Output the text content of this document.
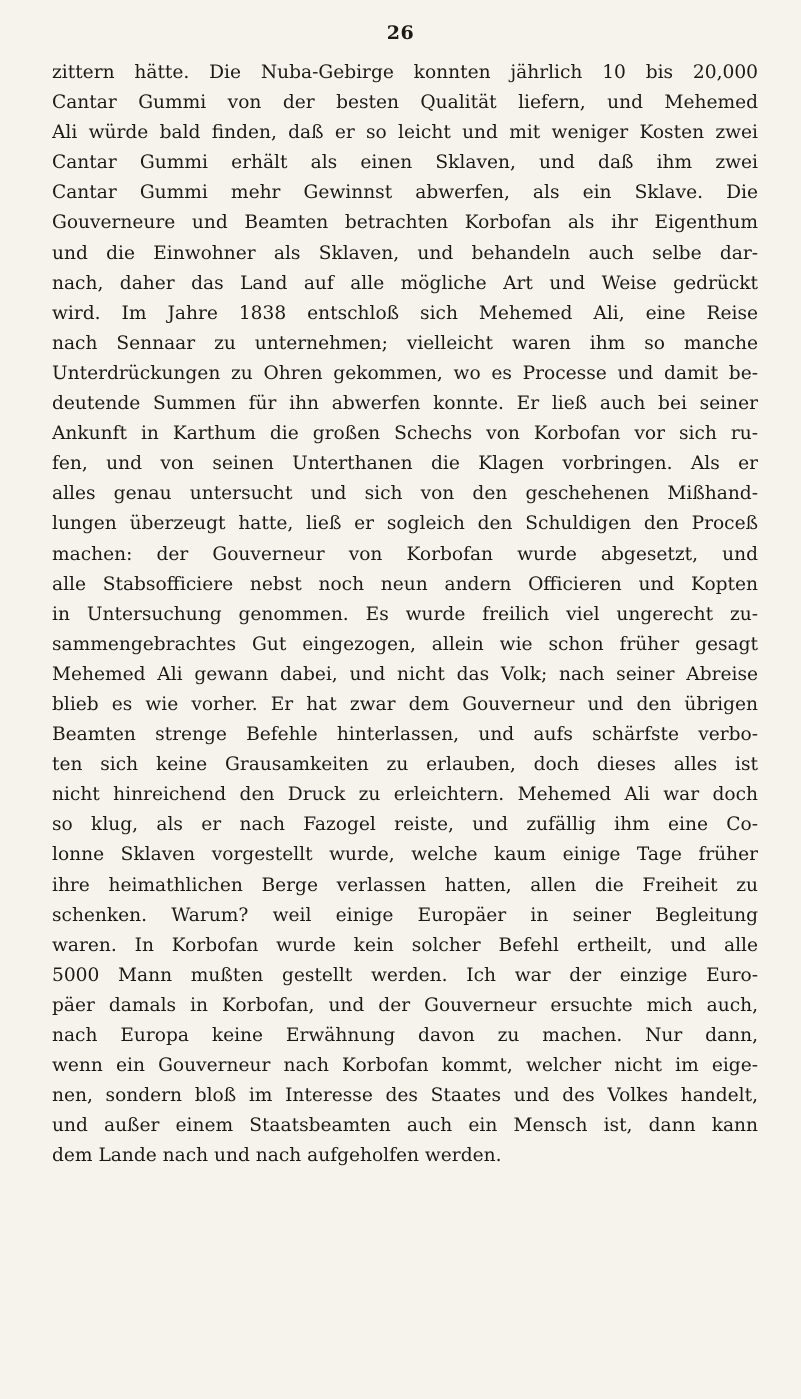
26
zittern hätte. Die Nuba-Gebirge konnten jährlich 10 bis 20,000
Cantar Gummi von der besten Qualität liefern, und Mehemed
Ali würde bald finden, daß er so leicht und mit weniger Kosten zwei
Cantar Gummi erhält als einen Sklaven, und daß ihm zwei
Cantar Gummi mehr Gewinnst abwerfen, als ein Sklave. Die
Gouverneure und Beamten betrachten Korbofan als ihr Eigenthum
und die Einwohner als Sklaven, und behandeln auch selbe dar-
nach, daher das Land auf alle mögliche Art und Weise gedrückt
wird. Im Jahre 1838 entschloß sich Mehemed Ali, eine Reise
nach Sennaar zu unternehmen; vielleicht waren ihm so manche
Unterdrückungen zu Ohren gekommen, wo es Processe und damit be-
deutende Summen für ihn abwerfen konnte. Er ließ auch bei seiner
Ankunft in Karthum die großen Schechs von Korbofan vor sich ru-
fen, und von seinen Unterthanen die Klagen vorbringen. Als er
alles genau untersucht und sich von den geschehenen Mißhand-
lungen überzeugt hatte, ließ er sogleich den Schuldigen den Proceß
machen: der Gouverneur von Korbofan wurde abgesetzt, und
alle Stabsofficiere nebst noch neun andern Officieren und Kopten
in Untersuchung genommen. Es wurde freilich viel ungerecht zu-
sammengebrachtes Gut eingezogen, allein wie schon früher gesagt
Mehemed Ali gewann dabei, und nicht das Volk; nach seiner Abreise
blieb es wie vorher. Er hat zwar dem Gouverneur und den übrigen
Beamten strenge Befehle hinterlassen, und aufs schärfste verbo-
ten sich keine Grausamkeiten zu erlauben, doch dieses alles ist
nicht hinreichend den Druck zu erleichtern. Mehemed Ali war doch
so klug, als er nach Fazogel reiste, und zufällig ihm eine Co-
lonne Sklaven vorgestellt wurde, welche kaum einige Tage früher
ihre heimathlichen Berge verlassen hatten, allen die Freiheit zu
schenken. Warum? weil einige Europäer in seiner Begleitung
waren. In Korbofan wurde kein solcher Befehl ertheilt, und alle
5000 Mann mußten gestellt werden. Ich war der einzige Euro-
päer damals in Korbofan, und der Gouverneur ersuchte mich auch,
nach Europa keine Erwähnung davon zu machen. Nur dann,
wenn ein Gouverneur nach Korbofan kommt, welcher nicht im eige-
nen, sondern bloß im Interesse des Staates und des Volkes handelt,
und außer einem Staatsbeamten auch ein Mensch ist, dann kann
dem Lande nach und nach aufgeholfen werden.
